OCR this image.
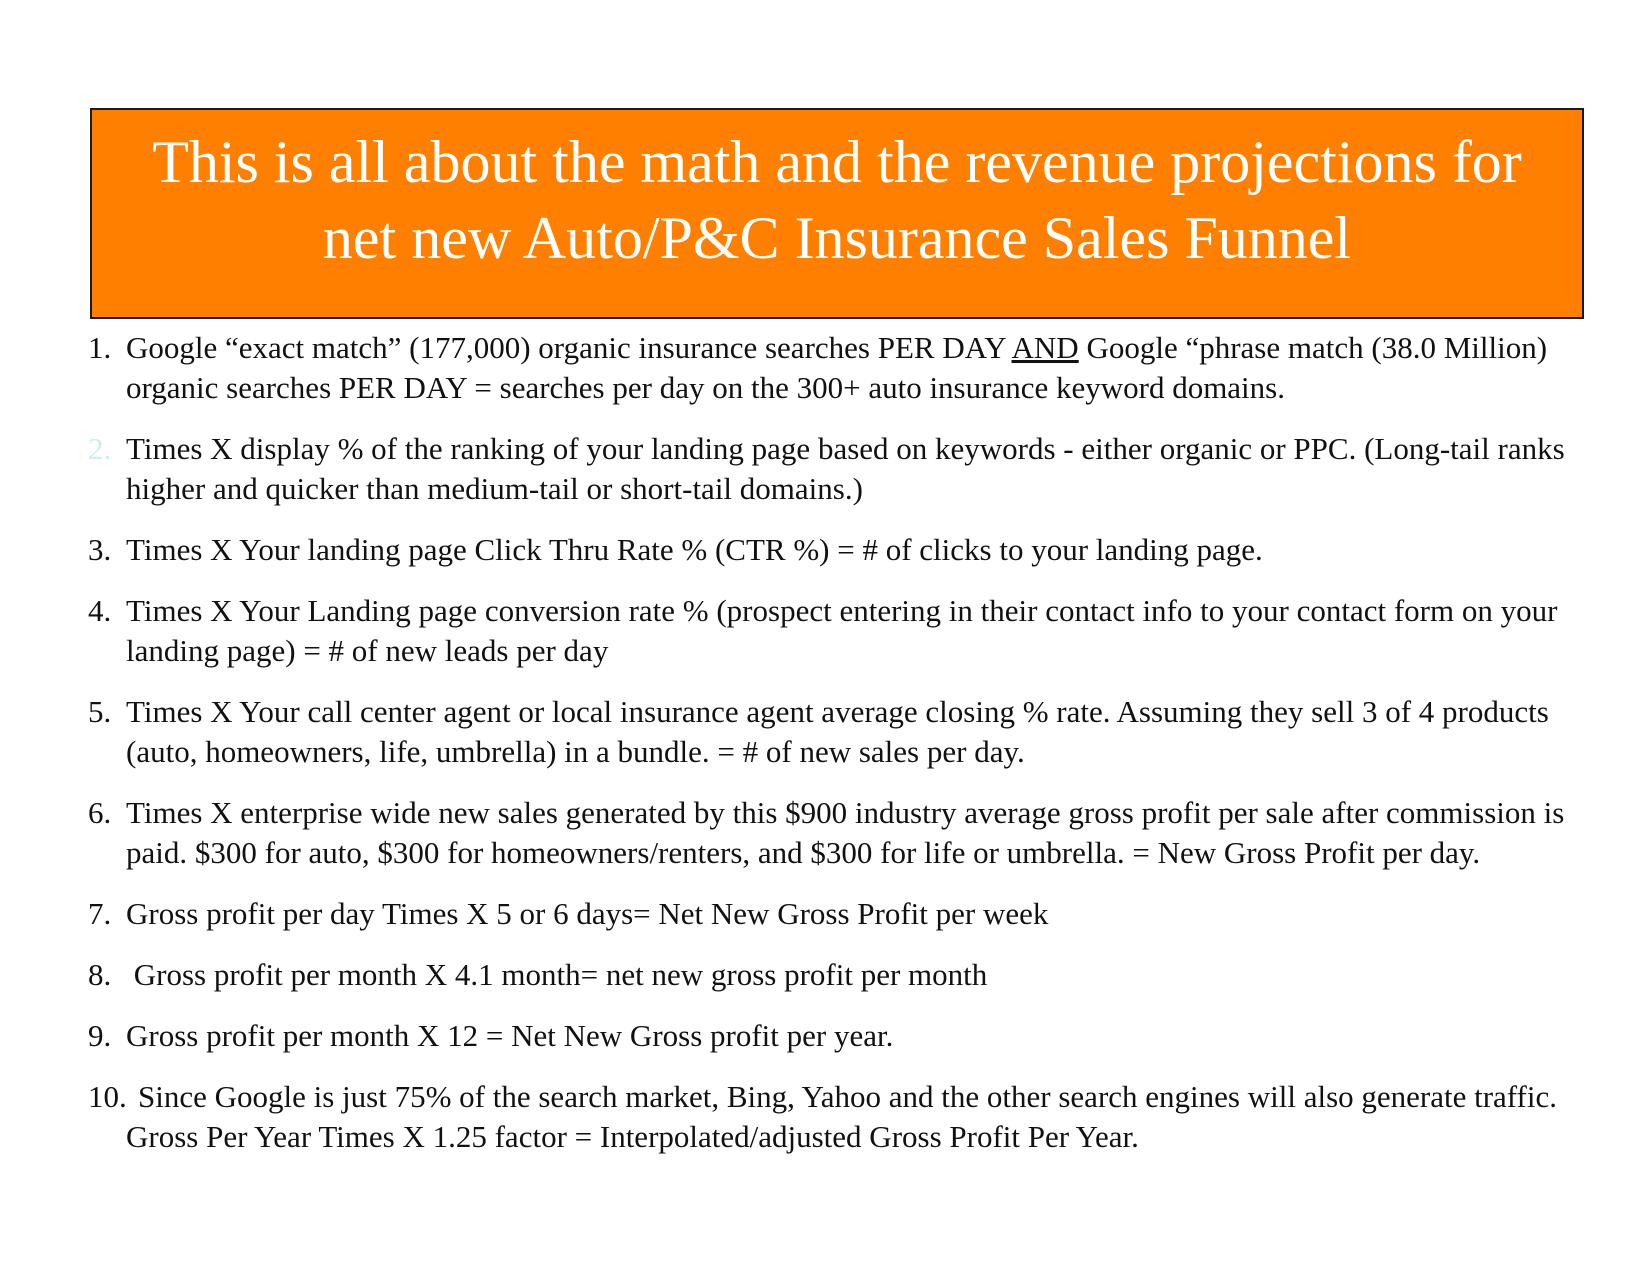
This is all about the math and the revenue projections for
net new Auto/P&C Insurance Sales Funnel
1. Google “exact match” (177,000) organic insurance searches PER DAY AND Google “phrase match (38.0 Million) organic searches PER DAY = searches per day on the 300+ auto insurance keyword domains.
2. Times X display % of the ranking of your landing page based on keywords - either organic or PPC. (Long-tail ranks higher and quicker than medium-tail or short-tail domains.)
3. Times X Your landing page Click Thru Rate % (CTR %) = # of clicks to your landing page.
4. Times X Your Landing page conversion rate % (prospect entering in their contact info to your contact form on your landing page) = # of new leads per day
5. Times X Your call center agent or local insurance agent average closing % rate. Assuming they sell 3 of 4 products (auto, homeowners, life, umbrella) in a bundle. = # of new sales per day.
6. Times X enterprise wide new sales generated by this $900 industry average gross profit per sale after commission is paid. $300 for auto, $300 for homeowners/renters, and $300 for life or umbrella. = New Gross Profit per day.
7. Gross profit per day Times X 5 or 6 days= Net New Gross Profit per week
8. Gross profit per month X 4.1 month= net new gross profit per month
9. Gross profit per month X 12 = Net New Gross profit per year.
10. Since Google is just 75% of the search market, Bing, Yahoo and the other search engines will also generate traffic. Gross Per Year Times X 1.25 factor = Interpolated/adjusted Gross Profit Per Year.
